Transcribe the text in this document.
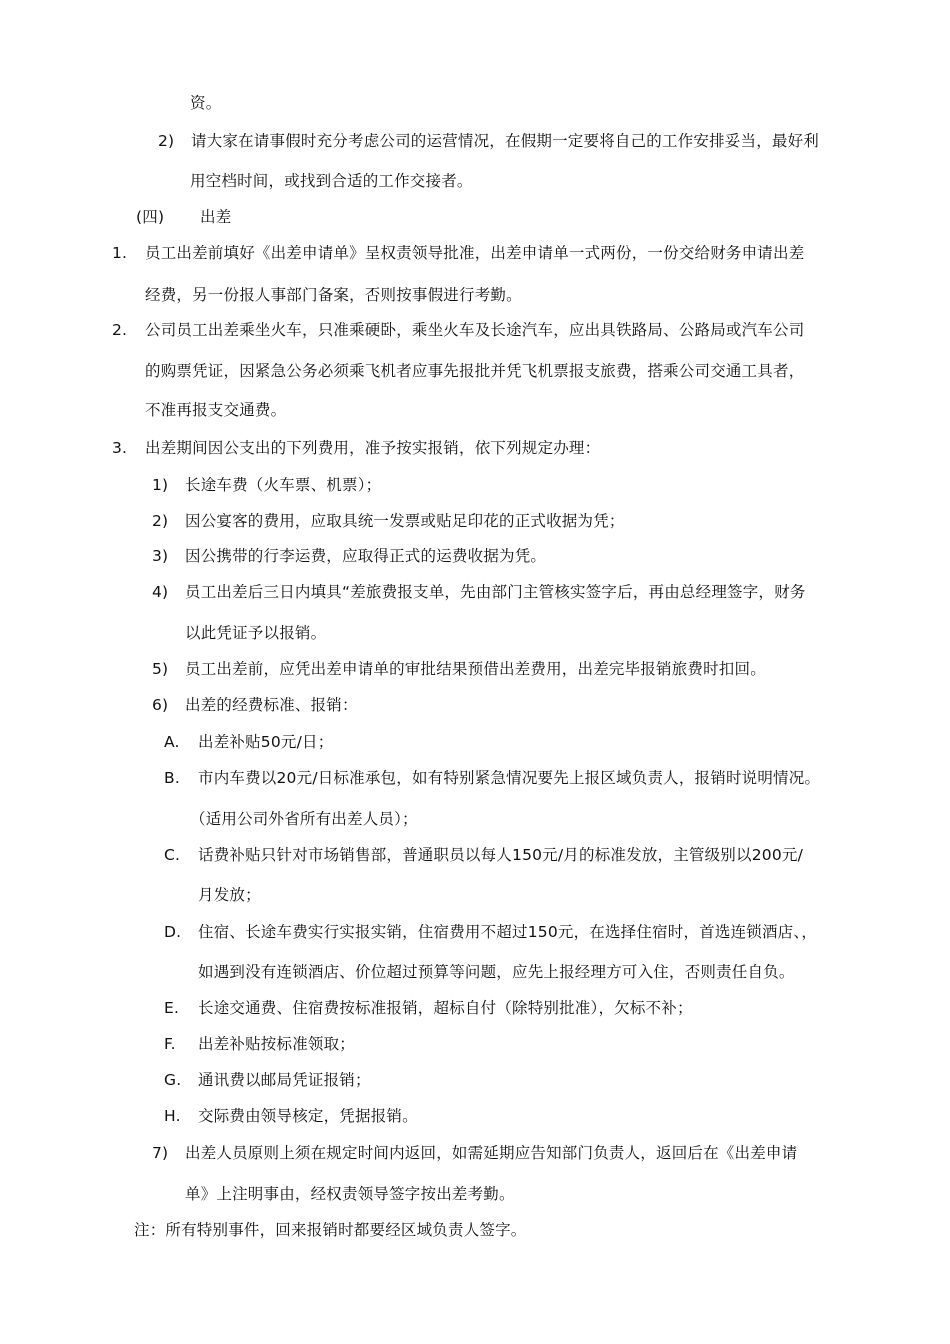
资。
2)	请大家在请事假时充分考虑公司的运营情况，在假期一定要将自己的工作安排妥当，最好利
用空档时间，或找到合适的工作交接者。
(四)	出差
1.	员工出差前填好《出差申请单》呈权责领导批准，出差申请单一式两份，一份交给财务申请出差
经费，另一份报人事部门备案，否则按事假进行考勤。
2.	公司员工出差乘坐火车，只准乘硬卧，乘坐火车及长途汽车，应出具铁路局、公路局或汽车公司
的购票凭证，因紧急公务必须乘飞机者应事先报批并凭飞机票报支旅费，搭乘公司交通工具者，
不准再报支交通费。
3.	出差期间因公支出的下列费用，准予按实报销，依下列规定办理：
1)	长途车费（火车票、机票）；
2)	因公宴客的费用，应取具统一发票或贴足印花的正式收据为凭；
3)	因公携带的行李运费，应取得正式的运费收据为凭。
4)	员工出差后三日内填具“差旅费报支单，先由部门主管核实签字后，再由总经理签字，财务
以此凭证予以报销。
5)	员工出差前，应凭出差申请单的审批结果预借出差费用，出差完毕报销旅费时扣回。
6)	出差的经费标准、报销：
A.	出差补贴50元/日；
B.	市内车费以20元/日标准承包，如有特别紧急情况要先上报区域负责人，报销时说明情况。
（适用公司外省所有出差人员）；
C.	话费补贴只针对市场销售部，普通职员以每人150元/月的标准发放，主管级别以200元/
月发放；
D.	住宿、长途车费实行实报实销，住宿费用不超过150元，在选择住宿时，首选连锁酒店、，
如遇到没有连锁酒店、价位超过预算等问题，应先上报经理方可入住，否则责任自负。
E.	长途交通费、住宿费按标准报销，超标自付（除特别批准），欠标不补；
F.	出差补贴按标准领取；
G.	通讯费以邮局凭证报销；
H.	交际费由领导核定，凭据报销。
7)	出差人员原则上须在规定时间内返回，如需延期应告知部门负责人，返回后在《出差申请
单》上注明事由，经权责领导签字按出差考勤。
注：所有特别事件，回来报销时都要经区域负责人签字。
